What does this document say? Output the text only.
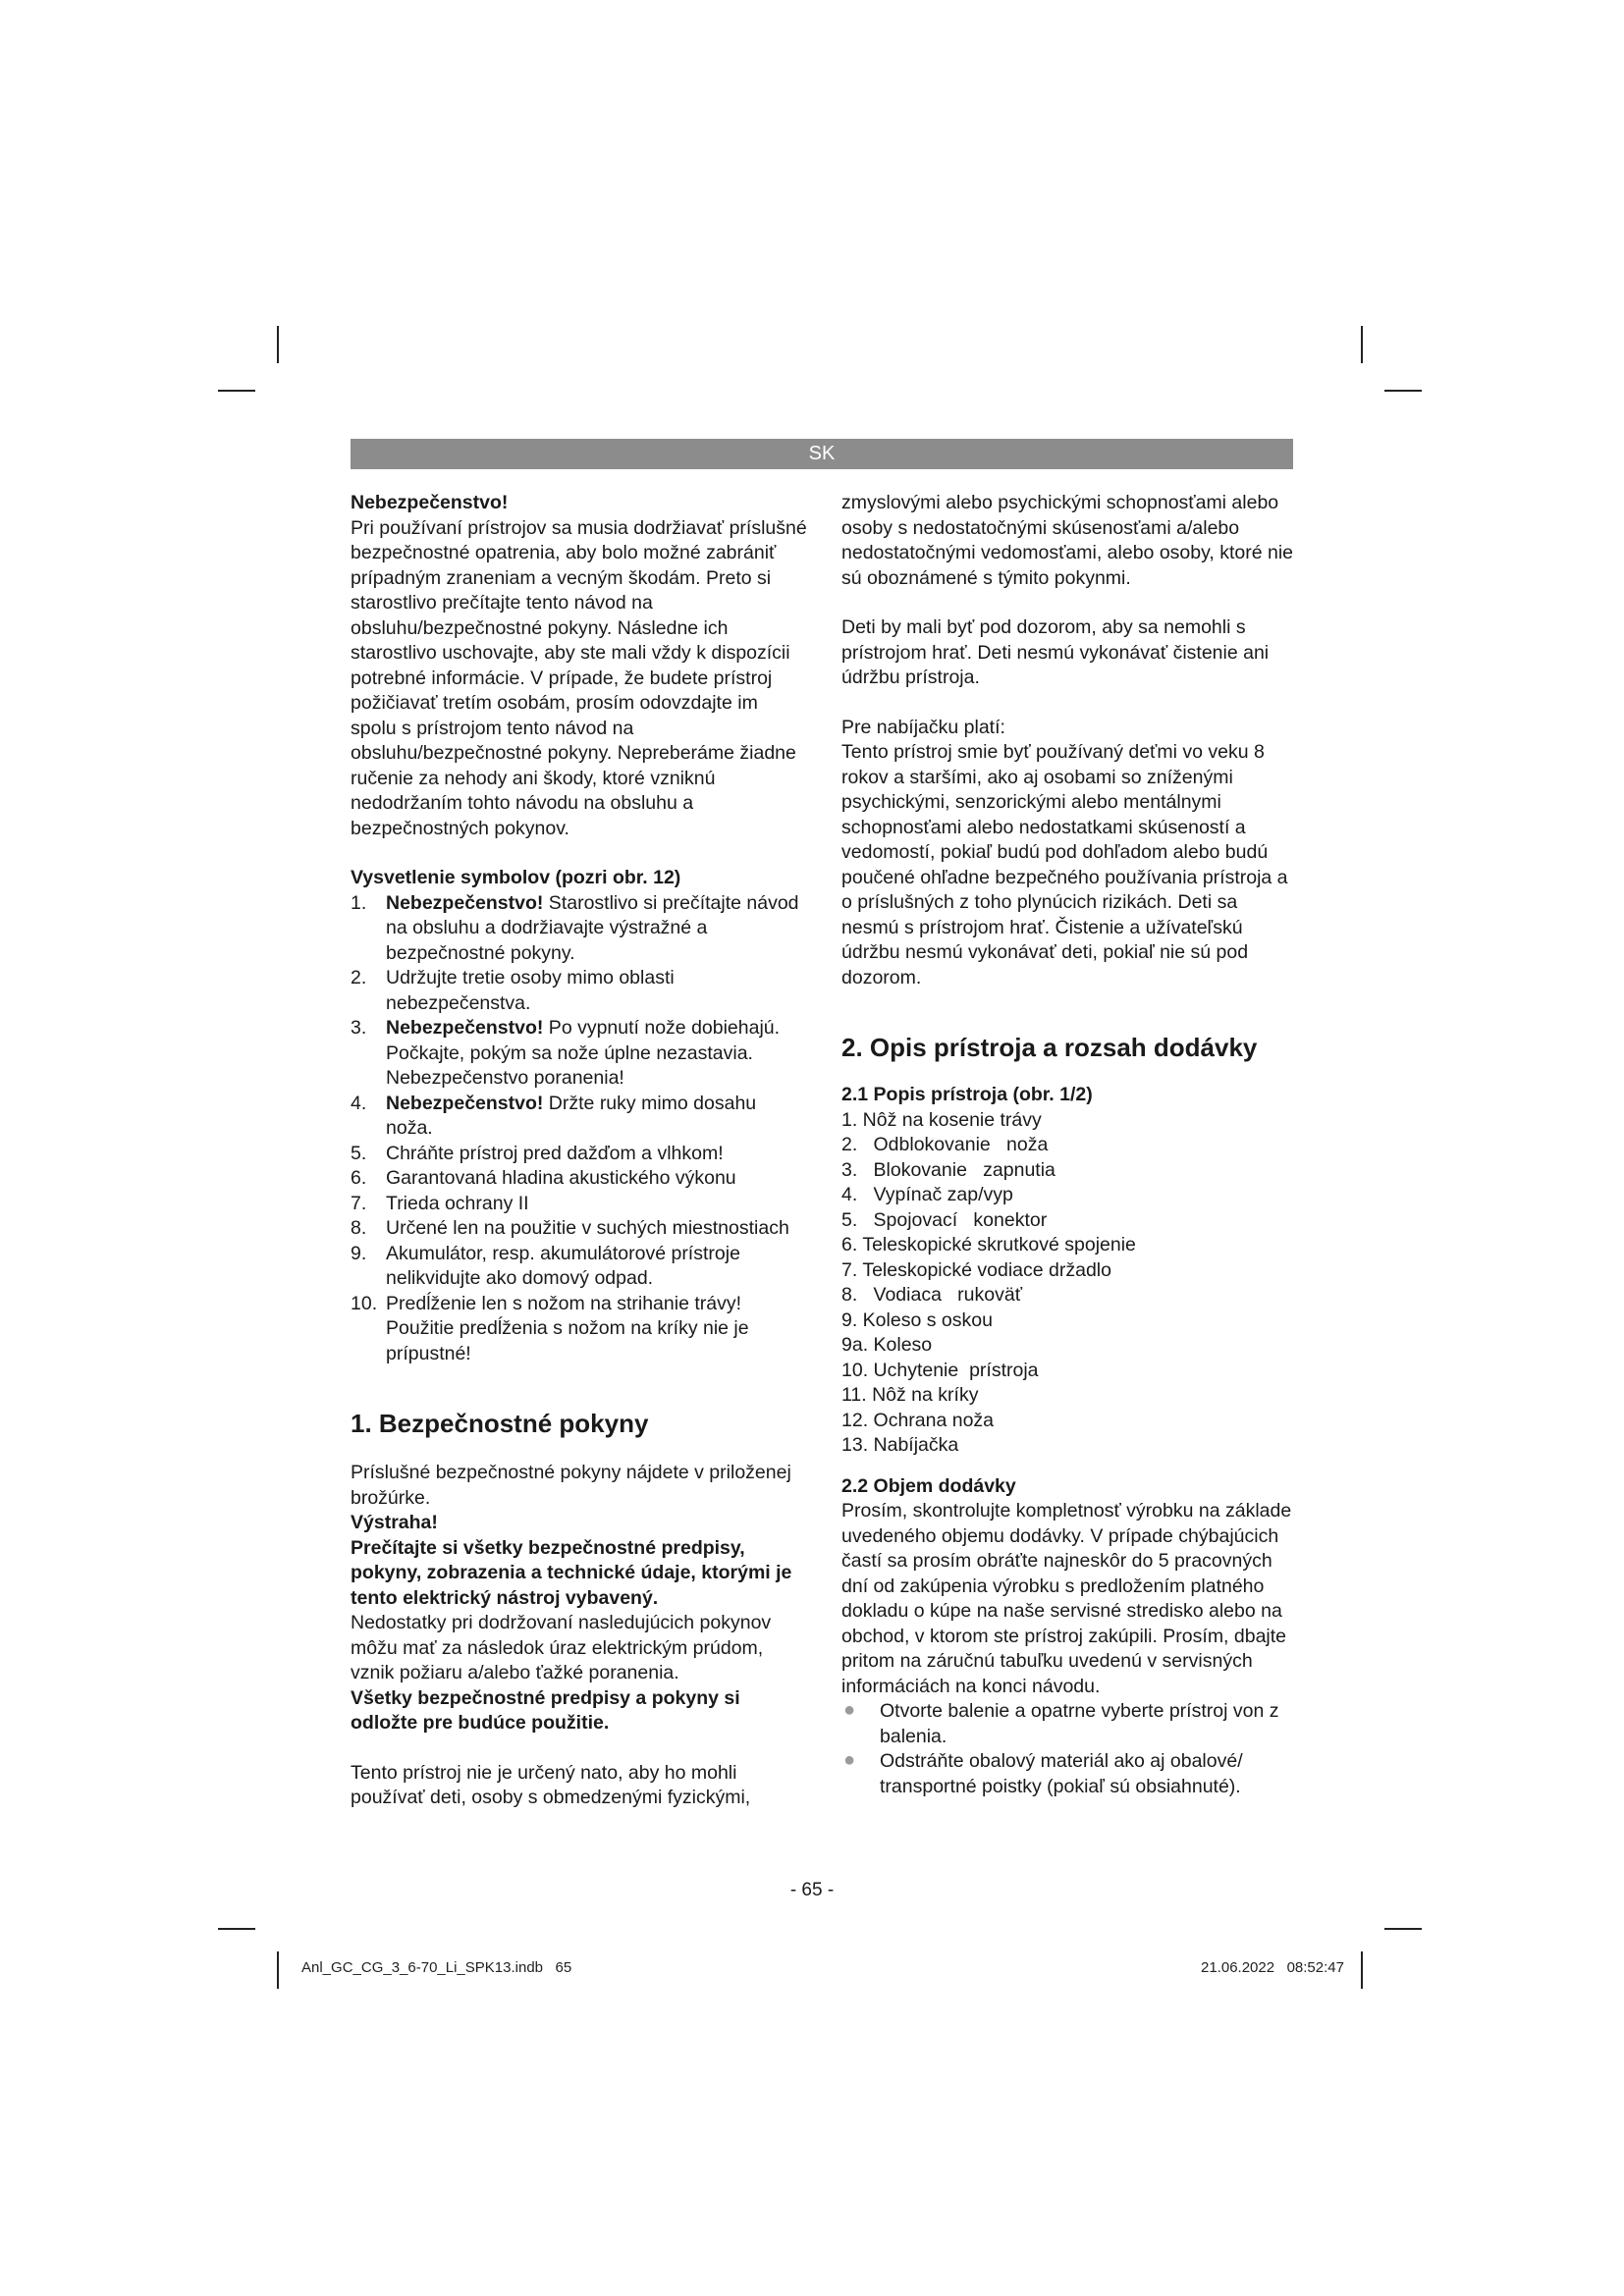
SK

Nebezpečenstvo!

Pri používaní prístrojov sa musia dodržiavať príslušné bezpečnostné opatrenia, aby bolo možné zabrániť prípadným zraneniam a vecným škodám. Preto si starostlivo prečítajte tento návod na obsluhu/bezpečnostné pokyny. Následne ich starostlivo uschovajte, aby ste mali vždy k dispozícii potrebné informácie. V prípade, že budete prístroj požičiavať tretím osobám, prosím odovzdajte im spolu s prístrojom tento návod na obsluhu/bezpečnostné pokyny. Nepreberáme žiadne ručenie za nehody ani škody, ktoré vzniknú nedodržaním tohto návodu na obsluhu a bezpečnostných pokynov.

Vysvetlenie symbolov (pozri obr. 12)

1. Nebezpečenstvo! Starostlivo si prečítajte návod na obsluhu a dodržiavajte výstražné a bezpečnostné pokyny.
2. Udržujte tretie osoby mimo oblasti nebezpečenstva.
3. Nebezpečenstvo! Po vypnutí nože dobiehajú. Počkajte, pokým sa nože úplne nezastavia. Nebezpečenstvo poranenia!
4. Nebezpečenstvo! Držte ruky mimo dosahu noža.
5. Chráňte prístroj pred dažďom a vlhkom!
6. Garantovaná hladina akustického výkonu
7. Trieda ochrany II
8. Určené len na použitie v suchých miestnostiach
9. Akumulátor, resp. akumulátorové prístroje nelikvidujte ako domový odpad.
10. Predĺženie len s nožom na strihanie trávy! Použitie predĺženia s nožom na kríky nie je prípustné!

1. Bezpečnostné pokyny

Príslušné bezpečnostné pokyny nájdete v priloženej brožúrke.

Výstraha!

Prečítajte si všetky bezpečnostné predpisy, pokyny, zobrazenia a technické údaje, ktorými je tento elektrický nástroj vybavený.

Nedostatky pri dodržovaní nasledujúcich pokynov môžu mať za následok úraz elektrickým prúdom, vznik požiaru a/alebo ťažké poranenia.

Všetky bezpečnostné predpisy a pokyny si odložte pre budúce použitie.

Tento prístroj nie je určený nato, aby ho mohli používať deti, osoby s obmedzenými fyzickými,

zmyslovými alebo psychickými schopnosťami alebo osoby s nedostatočnými skúsenosťami a/alebo nedostatočnými vedomosťami, alebo osoby, ktoré nie sú oboznámené s týmito pokynmi.

Deti by mali byť pod dozorom, aby sa nemohli s prístrojom hrať. Deti nesmú vykonávať čistenie ani údržbu prístroja.

Pre nabíjačku platí:

Tento prístroj smie byť používaný deťmi vo veku 8 rokov a staršími, ako aj osobami so zníženými psychickými, senzorickými alebo mentálnymi schopnosťami alebo nedostatkami skúseností a vedomostí, pokiaľ budú pod dohľadom alebo budú poučené ohľadne bezpečného používania prístroja a o príslušných z toho plynúcich rizikách. Deti sa nesmú s prístrojom hrať. Čistenie a užívateľskú údržbu nesmú vykonávať deti, pokiaľ nie sú pod dozorom.

2. Opis prístroja a rozsah dodávky

2.1 Popis prístroja (obr. 1/2)

1. Nôž na kosenie trávy
2.   Odblokovanie   noža
3.   Blokovanie   zapnutia
4.   Vypínač zap/vyp
5.   Spojovací   konektor
6. Teleskopické skrutkové spojenie
7. Teleskopické vodiace držadlo
8.   Vodiaca   rukoväť
9. Koleso s oskou
9a. Koleso
10. Uchytenie  prístroja
11. Nôž na kríky
12. Ochrana noža
13. Nabíjačka

2.2 Objem dodávky

Prosím, skontrolujte kompletnosť výrobku na základe uvedeného objemu dodávky. V prípade chýbajúcich častí sa prosím obráťte najneskôr do 5 pracovných dní od zakúpenia výrobku s predložením platného dokladu o kúpe na naše servisné stredisko alebo na obchod, v ktorom ste prístroj zakúpili. Prosím, dbajte pritom na záručnú tabuľku uvedenú v servisných informáciách na konci návodu.

● Otvorte balenie a opatrne vyberte prístroj von z balenia.
● Odstráňte obalový materiál ako aj obalové/ transportné poistky (pokiaľ sú obsiahnuté).
- 65 -
Anl_GC_CG_3_6-70_Li_SPK13.indb   65	21.06.2022   08:52:47
